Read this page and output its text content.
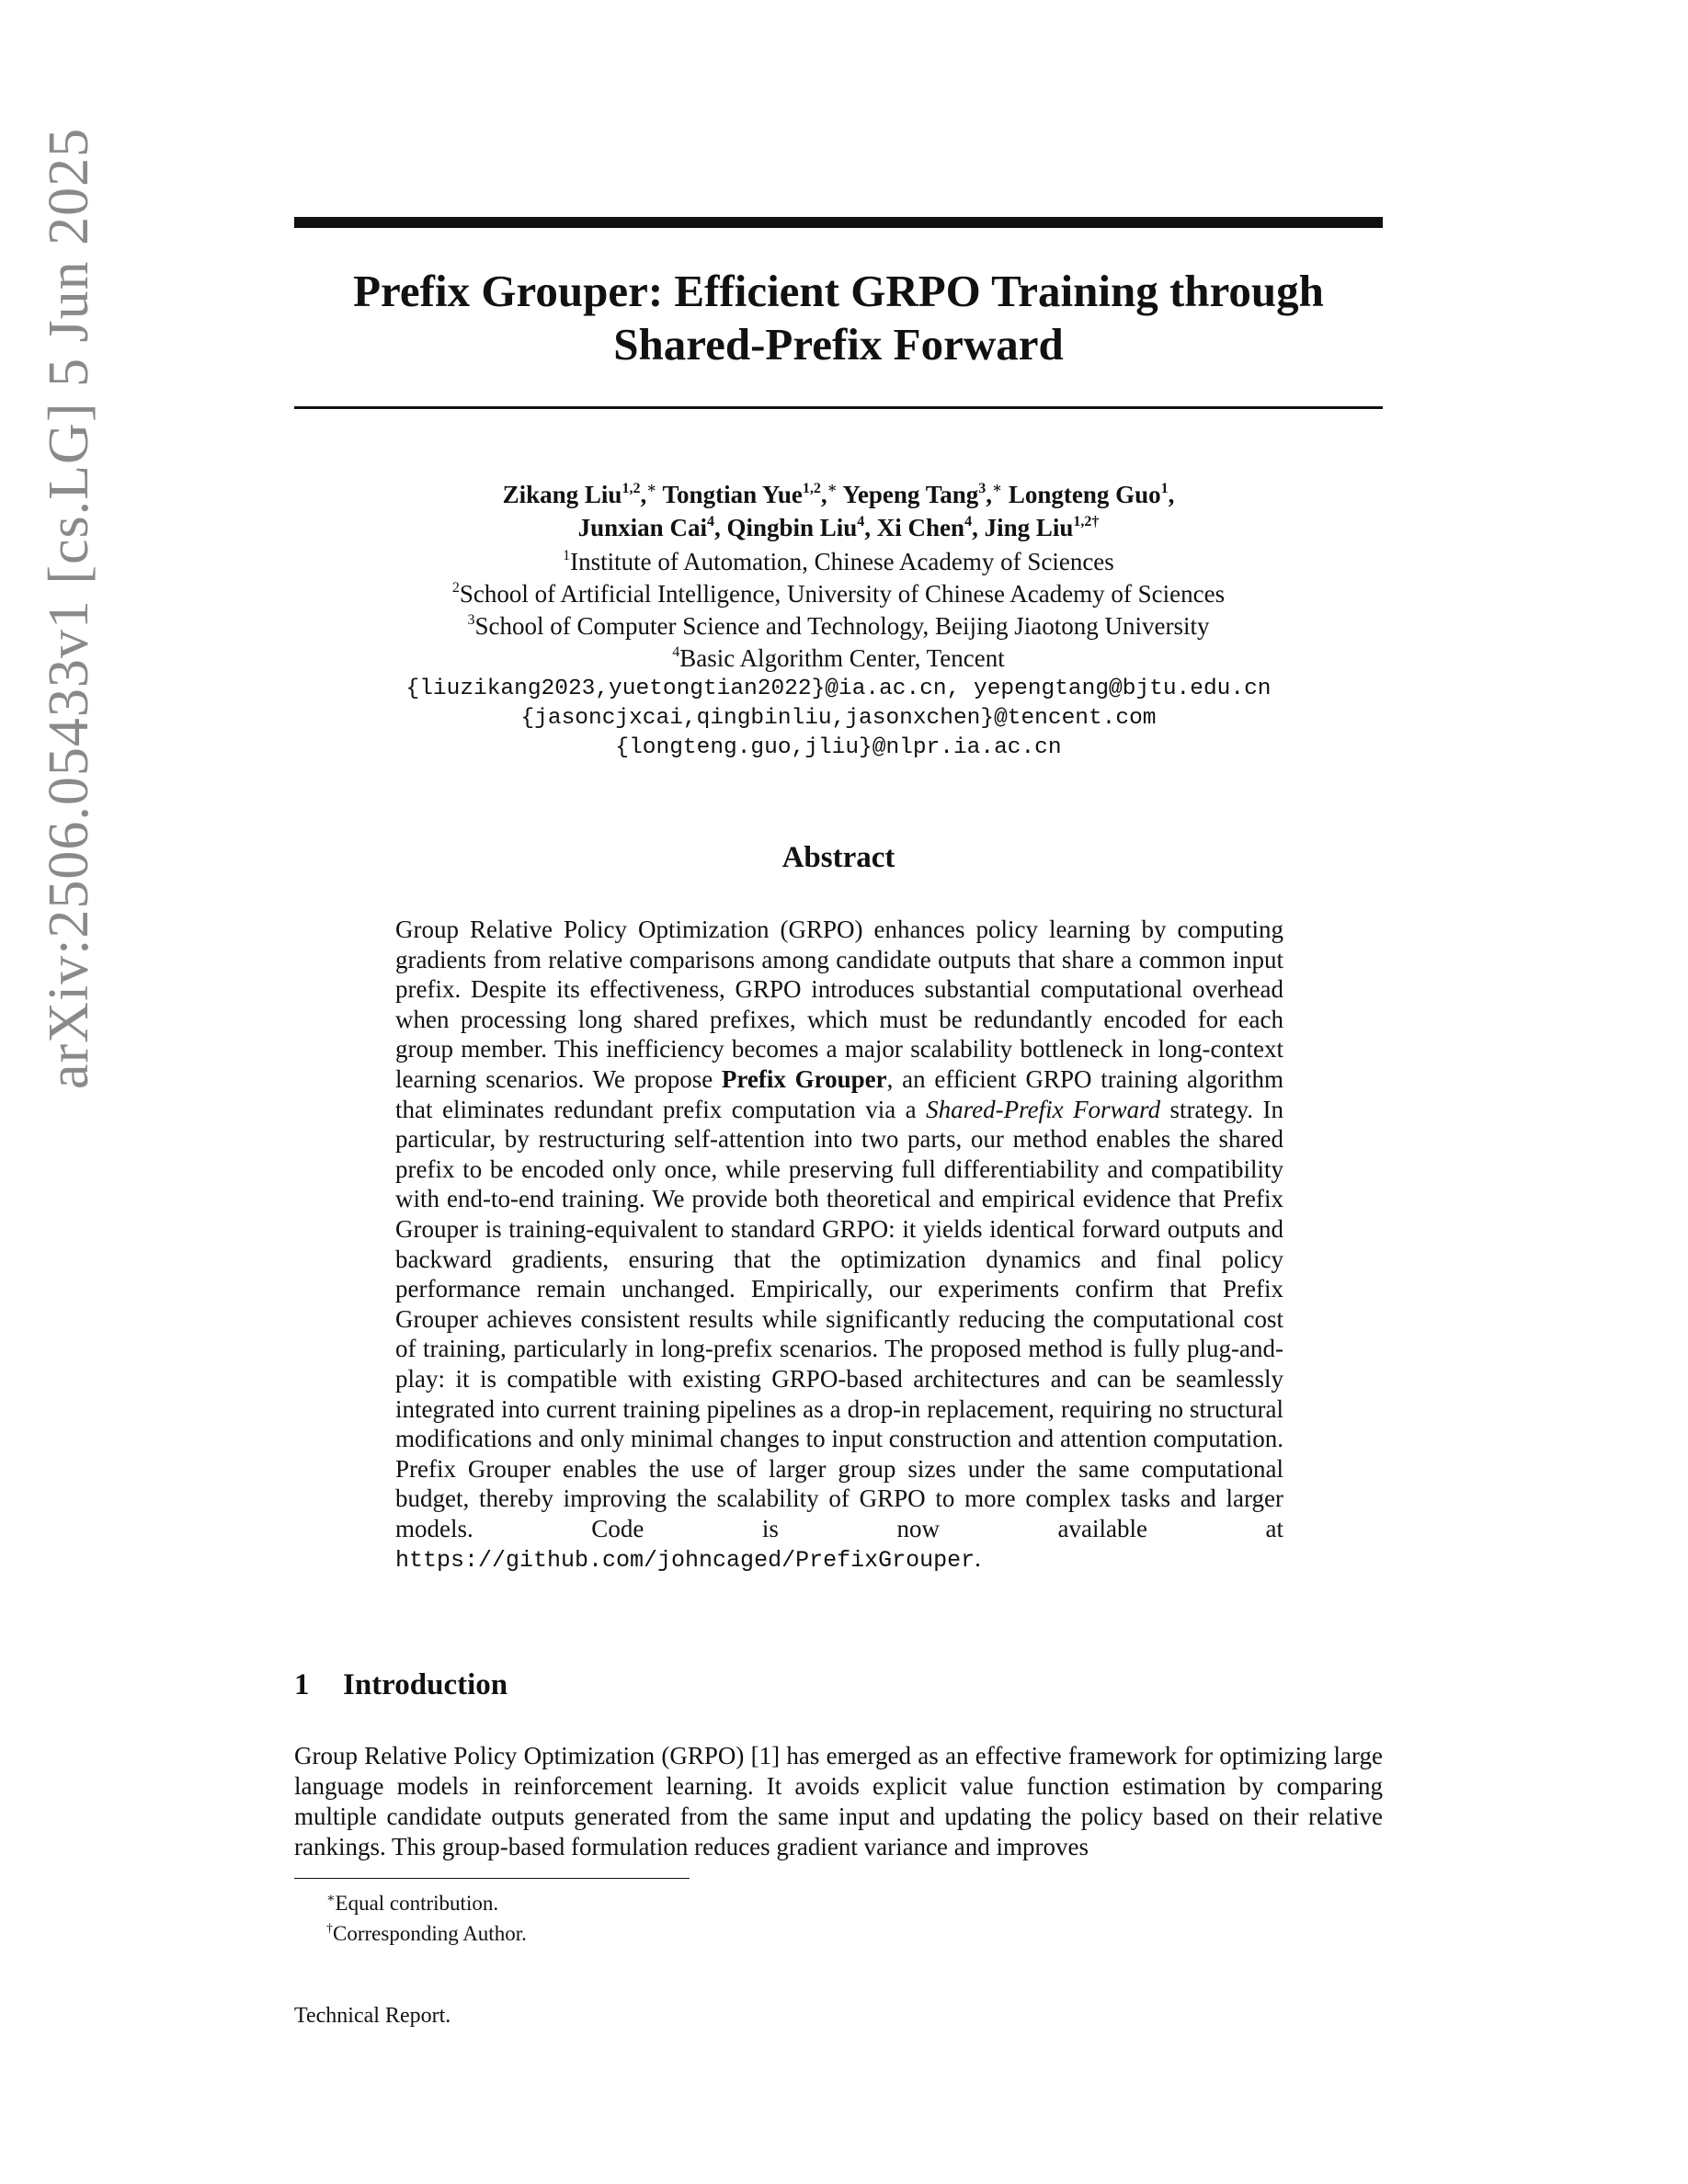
arXiv:2506.05433v1 [cs.LG] 5 Jun 2025	Prefix Grouper: Efficient GRPO Training through
Shared-Prefix Forward
Zikang Liu$^{1,2}$,∗ Tongtian Yue$^{1,2}$,∗ Yepeng Tang$^3$,∗ Longteng Guo$^1$,
Junxian Cai$^4$, Qingbin Liu$^4$, Xi Chen$^4$, Jing Liu$^{1,2\dagger}$
$^1$Institute of Automation, Chinese Academy of Sciences
$^2$School of Artificial Intelligence, University of Chinese Academy of Sciences
$^3$School of Computer Science and Technology, Beijing Jiaotong University
$^4$Basic Algorithm Center, Tencent
{liuzikang2023,yuetongtian2022}@ia.ac.cn, yepengtang@bjtu.edu.cn
{jasoncjxcai,qingbinliu,jasonxchen}@tencent.com
{longteng.guo,jliu}@nlpr.ia.ac.cn
Abstract

Group Relative Policy Optimization (GRPO) enhances policy learning by computing gradients from relative comparisons among candidate outputs that share a common input prefix. Despite its effectiveness, GRPO introduces substantial computational overhead when processing long shared prefixes, which must be redundantly encoded for each group member. This inefficiency becomes a major scalability bottleneck in long-context learning scenarios. We propose Prefix Grouper, an efficient GRPO training algorithm that eliminates redundant prefix computation via a Shared-Prefix Forward strategy. In particular, by restructuring self-attention into two parts, our method enables the shared prefix to be encoded only once, while preserving full differentiability and compatibility with end-to-end training. We provide both theoretical and empirical evidence that Prefix Grouper is training-equivalent to standard GRPO: it yields identical forward outputs and backward gradients, ensuring that the optimization dynamics and final policy performance remain unchanged. Empirically, our experiments confirm that Prefix Grouper achieves consistent results while significantly reducing the computational cost of training, particularly in long-prefix scenarios. The proposed method is fully plug-and-play: it is compatible with existing GRPO-based architectures and can be seamlessly integrated into current training pipelines as a drop-in replacement, requiring no structural modifications and only minimal changes to input construction and attention computation. Prefix Grouper enables the use of larger group sizes under the same computational budget, thereby improving the scalability of GRPO to more complex tasks and larger models. Code is now available at https://github.com/johncaged/PrefixGrouper.

1 Introduction

Group Relative Policy Optimization (GRPO) [1] has emerged as an effective framework for optimizing large language models in reinforcement learning. It avoids explicit value function estimation by comparing multiple candidate outputs generated from the same input and updating the policy based on their relative rankings. This group-based formulation reduces gradient variance and improves

∗Equal contribution.
†Corresponding Author.
Technical Report.
